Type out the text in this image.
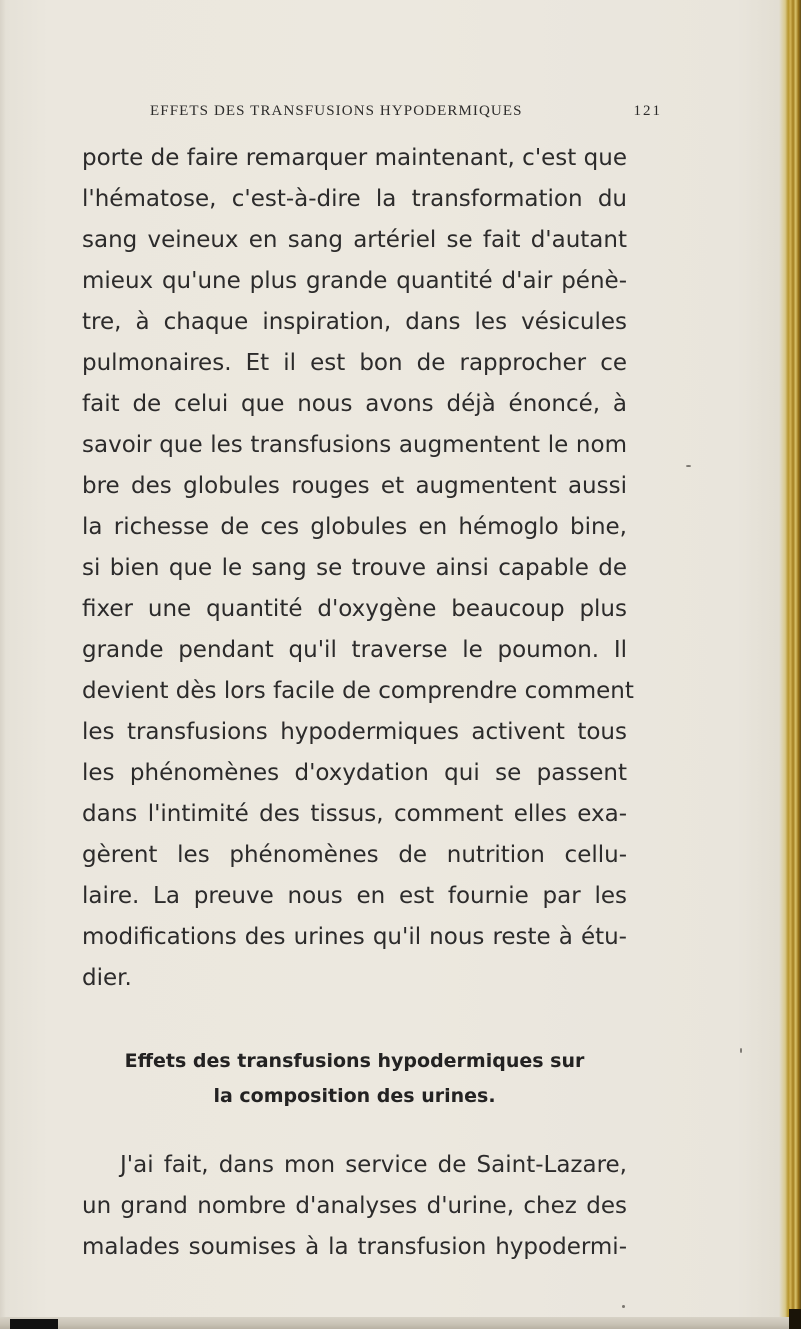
EFFETS DES TRANSFUSIONS HYPODERMIQUES	121
porte de faire remarquer maintenant, c'est que
l'hématose, c'est-à-dire la transformation du
sang veineux en sang artériel se fait d'autant
mieux qu'une plus grande quantité d'air pénè-
tre, à chaque inspiration, dans les vésicules
pulmonaires. Et il est bon de rapprocher ce
fait de celui que nous avons déjà énoncé, à
savoir que les transfusions augmentent le nom
bre des globules rouges et augmentent aussi
la richesse de ces globules en hémoglo bine,
si bien que le sang se trouve ainsi capable de
fixer une quantité d'oxygène beaucoup plus
grande pendant qu'il traverse le poumon. Il
devient dès lors facile de comprendre comment
les transfusions hypodermiques activent tous
les phénomènes d'oxydation qui se passent
dans l'intimité des tissus, comment elles exa-
gèrent les phénomènes de nutrition cellu-
laire. La preuve nous en est fournie par les
modifications des urines qu'il nous reste à étu-
dier.
Effets des transfusions hypodermiques sur
la composition des urines.
J'ai fait, dans mon service de Saint-Lazare,
un grand nombre d'analyses d'urine, chez des
malades soumises à la transfusion hypodermi-
